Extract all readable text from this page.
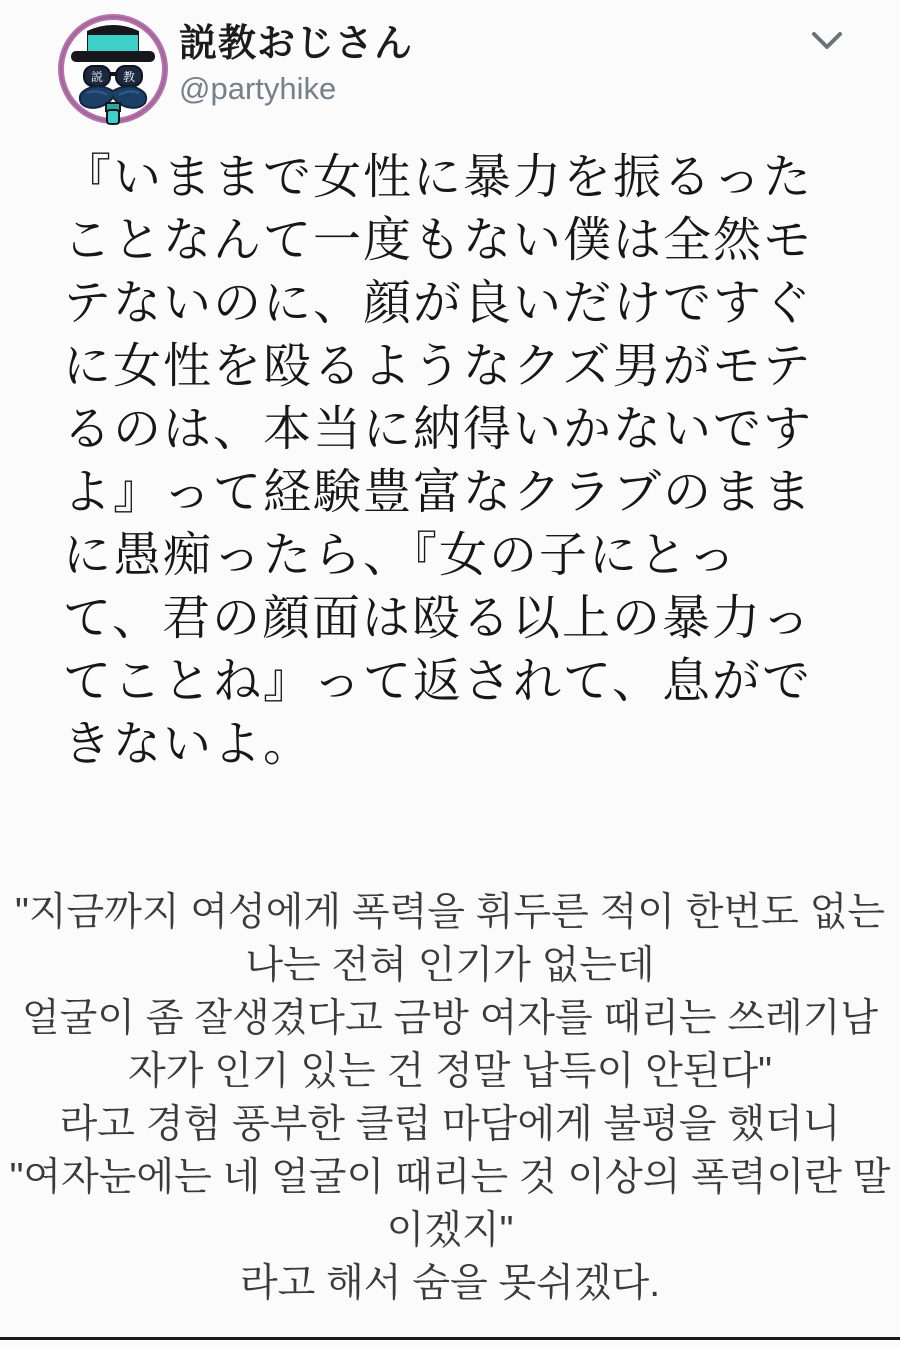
説 教
説教おじさん
@partyhike
『いままで女性に暴力を振るった
ことなんて一度もない僕は全然モ
テないのに、顔が良いだけですぐ
に女性を殴るようなクズ男がモテ
るのは、本当に納得いかないです
よ』って経験豊富なクラブのまま
に愚痴ったら、『女の子にとっ
て、君の顔面は殴る以上の暴力っ
てことね』って返されて、息がで
きないよ。
"지금까지 여성에게 폭력을 휘두른 적이 한번도 없는
나는 전혀 인기가 없는데
얼굴이 좀 잘생겼다고 금방 여자를 때리는 쓰레기남
자가 인기 있는 건 정말 납득이 안된다"
라고 경험 풍부한 클럽 마담에게 불평을 했더니
"여자눈에는 네 얼굴이 때리는 것 이상의 폭력이란 말
이겠지"
라고 해서 숨을 못쉬겠다.
